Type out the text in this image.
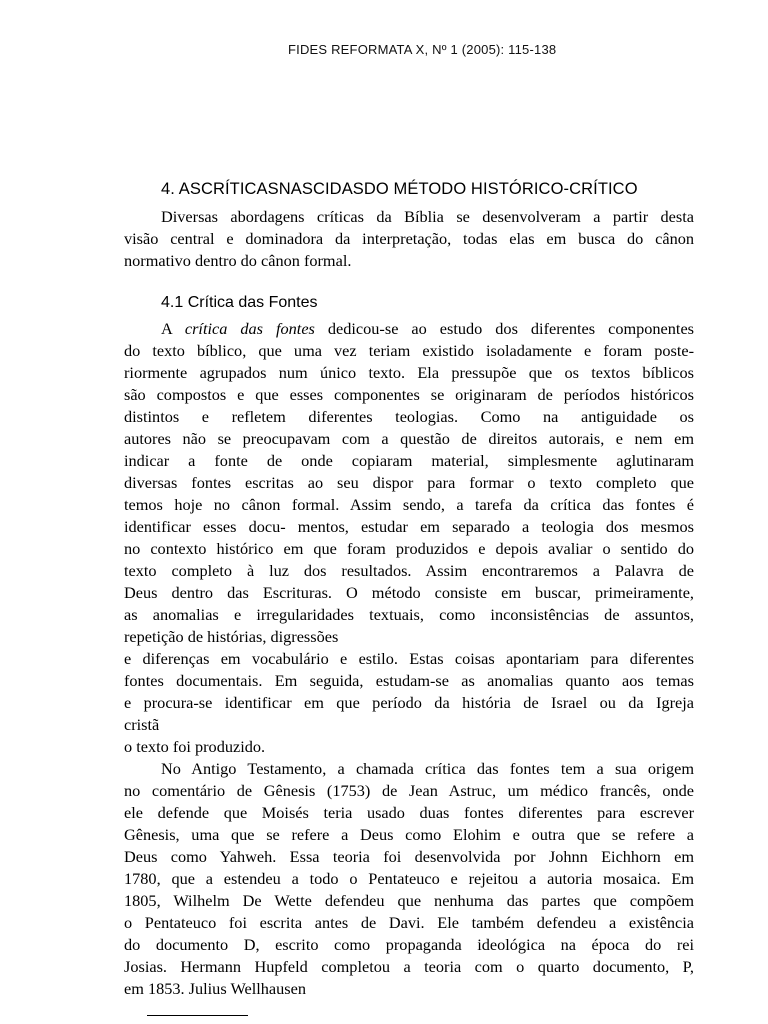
FIDES REFORMATA X, Nº 1 (2005): 115-138
4. ASCRÍTICASNASCIDASDO MÉTODO HISTÓRICO-CRÍTICO
Diversas abordagens críticas da Bíblia se desenvolveram a partir desta
visão central e dominadora da interpretação, todas elas em busca do cânon
normativo dentro do cânon formal.
4.1 Crítica das Fontes
A crítica das fontes dedicou-se ao estudo dos diferentes componentes
do texto bíblico, que uma vez teriam existido isoladamente e foram poste-
riormente agrupados num único texto. Ela pressupõe que os textos bíblicos
são compostos e que esses componentes se originaram de períodos históricos
distintos e refletem diferentes teologias. Como na antiguidade os
autores não se preocupavam com a questão de direitos autorais, e nem em
indicar a fonte de onde copiaram material, simplesmente aglutinaram
diversas fontes escritas ao seu dispor para formar o texto completo que
temos hoje no cânon formal. Assim sendo, a tarefa da crítica das fontes é
identificar esses docu- mentos, estudar em separado a teologia dos mesmos
no contexto histórico em que foram produzidos e depois avaliar o sentido do
texto completo à luz dos resultados. Assim encontraremos a Palavra de
Deus dentro das Escrituras. O método consiste em buscar, primeiramente,
as anomalias e irregularidades textuais, como inconsistências de assuntos,
repetição de histórias, digressões
e diferenças em vocabulário e estilo. Estas coisas apontariam para diferentes
fontes documentais. Em seguida, estudam-se as anomalias quanto aos temas
e procura-se identificar em que período da história de Israel ou da Igreja
cristã
o texto foi produzido.
No Antigo Testamento, a chamada crítica das fontes tem a sua origem
no comentário de Gênesis (1753) de Jean Astruc, um médico francês, onde
ele defende que Moisés teria usado duas fontes diferentes para escrever
Gênesis, uma que se refere a Deus como Elohim e outra que se refere a
Deus como Yahweh. Essa teoria foi desenvolvida por Johnn Eichhorn em
1780, que a estendeu a todo o Pentateuco e rejeitou a autoria mosaica. Em
1805, Wilhelm De Wette defendeu que nenhuma das partes que compõem
o Pentateuco foi escrita antes de Davi. Ele também defendeu a existência
do documento D, escrito como propaganda ideológica na época do rei
Josias. Hermann Hupfeld completou a teoria com o quarto documento, P,
em 1853. Julius Wellhausen
